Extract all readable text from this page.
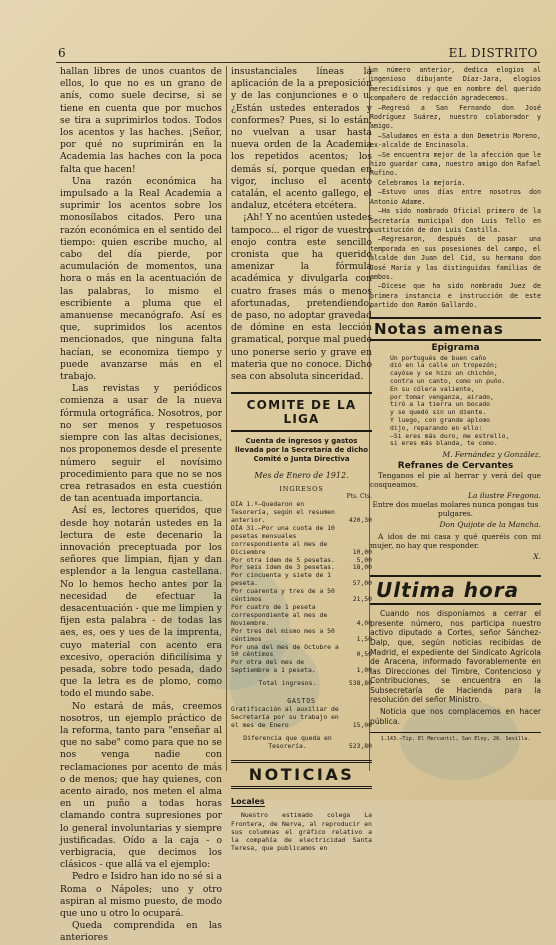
6	EL DISTRITO

hallan libres de unos cuantos de ellos, lo que no es un grano de anís, como suele decirse, si se tiene en cuenta que por muchos se tira a suprimirlos todos. Todos los acentos y las haches. ¡Señor, por qué no suprimirán en la Academia las haches con la poca falta que hacen!

Una razón económica ha impulsado a la Real Academia a suprimir los acentos sobre los monosílabos citados. Pero una razón económica en el sentido del tiempo: quien escribe mucho, al cabo del día pierde, por acumulación de momentos, una hora o más en la acentuación de las palabras, lo mismo el escribiente a pluma que el amanuense mecanógrafo. Así es que, suprimidos los acentos mencionados, que ninguna falta hacían, se economiza tiempo y puede avanzarse más en el trabajo.

Las revistas y periódicos comienza a usar de la nueva fórmula ortográfica. Nosotros, por no ser menos y respetuosos siempre con las altas decisiones, nos proponemos desde el presente número seguir el novísimo procedimiento para que no se nos crea retrasados en esta cuestión de tan acentuada importancia.

Así es, lectores queridos, que desde hoy notarán ustedes en la lectura de este decenario la innovación preceptuada por los señores que limpian, fijan y dan esplendor a la lengua castellana. No lo hemos hecho antes por la necesidad de efectuar la desacentuación - que me limpien y fijen esta palabra - de todas las aes, es, oes y ues de la imprenta, cuyo material con acento era excesivo, operación dificilísima y pesada, sobre todo pesada, dado que la letra es de plomo, como todo el mundo sabe.

No estará de más, creemos nosotros, un ejemplo práctico de la reforma, tanto para "enseñar al que no sabe" como para que no se nos venga nadie con reclamaciones por acento de más o de menos; que hay quienes, con acento airado, nos meten el alma en un puño a todas horas clamando contra supresiones por lo general involuntarias y siempre justificadas. Oído a la caja - o verbigracia, que decimos los clásicos - que allá va el ejemplo:

Pedro e Isidro han ido no sé si a Roma o Nápoles; uno y otro aspiran al mismo puesto, de modo que uno u otro lo ocupará.

Queda comprendida en las anteriores

insustanciales líneas la aplicación de la a preposición y de las conjunciones e o u. ¿Están ustedes enterados y conformes? Pues, si lo están, no vuelvan a usar hasta nueva orden de la Academia los repetidos acentos; los demás sí, porque quedan en vigor, incluso el acento catalán, el acento gallego, el andaluz, etcétera etcétera.

¡Ah! Y no acentúen ustedes tampoco... el rigor de vuestro enojo contra este sencillo cronista que ha querido amenizar la fórmula académica y divulgarla con cuatro frases más o menos afortunadas, pretendiendo, de paso, no adoptar gravedad de dómine en esta lección gramatical, porque mal puede uno ponerse serio y grave en materia que no conoce. Dicho sea con absoluta sinceridad.

COMITE DE LA LIGA
Cuenta de ingresos y gastos llevada por la Secretaría de dicho Comité o Junta Directiva
Mes de Enero de 1912.
INGRESOS
Pts. Cts.
DÍA 1.º—Quedaron en Tesorería, según el resumen anterior.	420,30
DÍA 31.—Por una cuota de 10 pesetas mensuales correspondiente al mes de Diciembre	10,00
Por otra ídem de 5 pesetas.	5,00
Por seis ídem de 3 pesetas.	18,00
Por cincuenta y siete de 1 peseta.	57,00
Por cuarenta y tres de a 50 céntimos	21,50
Por cuatro de 1 peseta correspondiente al mes de Noviembre.	4,00
Por tres del mismo mes a 50 céntimos	1,50
Por una del mes de Octubre a 50 céntimos	0,50
Por otra del mes de Septiembre a 1 peseta.	1,00
Total ingresos.	538,80
GASTOS
Gratificación al auxiliar de Secretaría por su trabajo en el mes de Enero	15,00
Diferencia que queda en Tesorería.	523,80
NOTICIAS
Locales

Nuestro estimado colega La Frontera, de Nerva, al reproducir en sus columnas el gráfico relativo a la compañía de electricidad Santa Teresa, que publicamos en

un número anterior, dedica elogios al ingenioso dibujante Díaz-Jara, elogios merecidísimos y que en nombre del querido compañero de redacción agradecemos.

—Regresó a San Fernando don José Rodríguez Suárez, nuestro colaborador y amigo.

—Saludamos en ésta a don Demetrio Moreno, ex-alcalde de Encinasola.

—Se encuentra mejor de la afección que le hizo guardar cama, nuestro amigo don Rafael Rufino.

Celebramos la mejoría.

—Estuvo unos días entre nosotros don Antonio Adame.

—Ha sido nombrado Oficial primero de la Secretaría municipal don Luis Tello en sustitución de don Luis Castilla.

—Regresaron, después de pasar una temporada en sus posesiones del campo, el alcalde don Juan del Cid, su hermano don José María y las distinguidas familias de ambos.

—Dícese que ha sido nombrado Juez de primera instancia e instrucción de este partido don Ramón Gallardo.

Notas amenas
Epigrama
Un portugués de buen caño
dió en la calle un tropezón;
cayóse y se hizo un chichón,
contra un canto, como un puño.
En su cólera valiente,
por tomar venganza, airado,
tiró a la tierra un bocado
y se quedó sin un diente.
Y luego, con grande aplomo
dijo, reparando en ello:
—Si eres más duro, me estrello,
si eres más blanda, te como.
M. Fernández y González.
Refranes de Cervantes

Tenganos el pie al herrar y verá del que cosqueamos.

La ilustre Fregona.

Entre dos muelas molares nunca pongas tus pulgares.

Don Quijote de la Mancha.

A idos de mi casa y qué queréis con mi mujer, no hay que responder.

X.

Ultima hora

Cuando nos disponíamos a cerrar el presente número, nos participa nuestro activo diputado a Cortes, señor Sánchez-Dalp, que, según noticias recibidas de Madrid, el expediente del Sindicato Agrícola de Aracena, informado favorablemente en las Direcciones del Timbre, Contencioso y Contribuciones, se encuentra en la Subsecretaría de Hacienda para la resolución del señor Ministro.

Noticia que nos complacemos en hacer pública.

1.143.—Tip. El Mercantil, San Eloy, 26. Sevilla.
